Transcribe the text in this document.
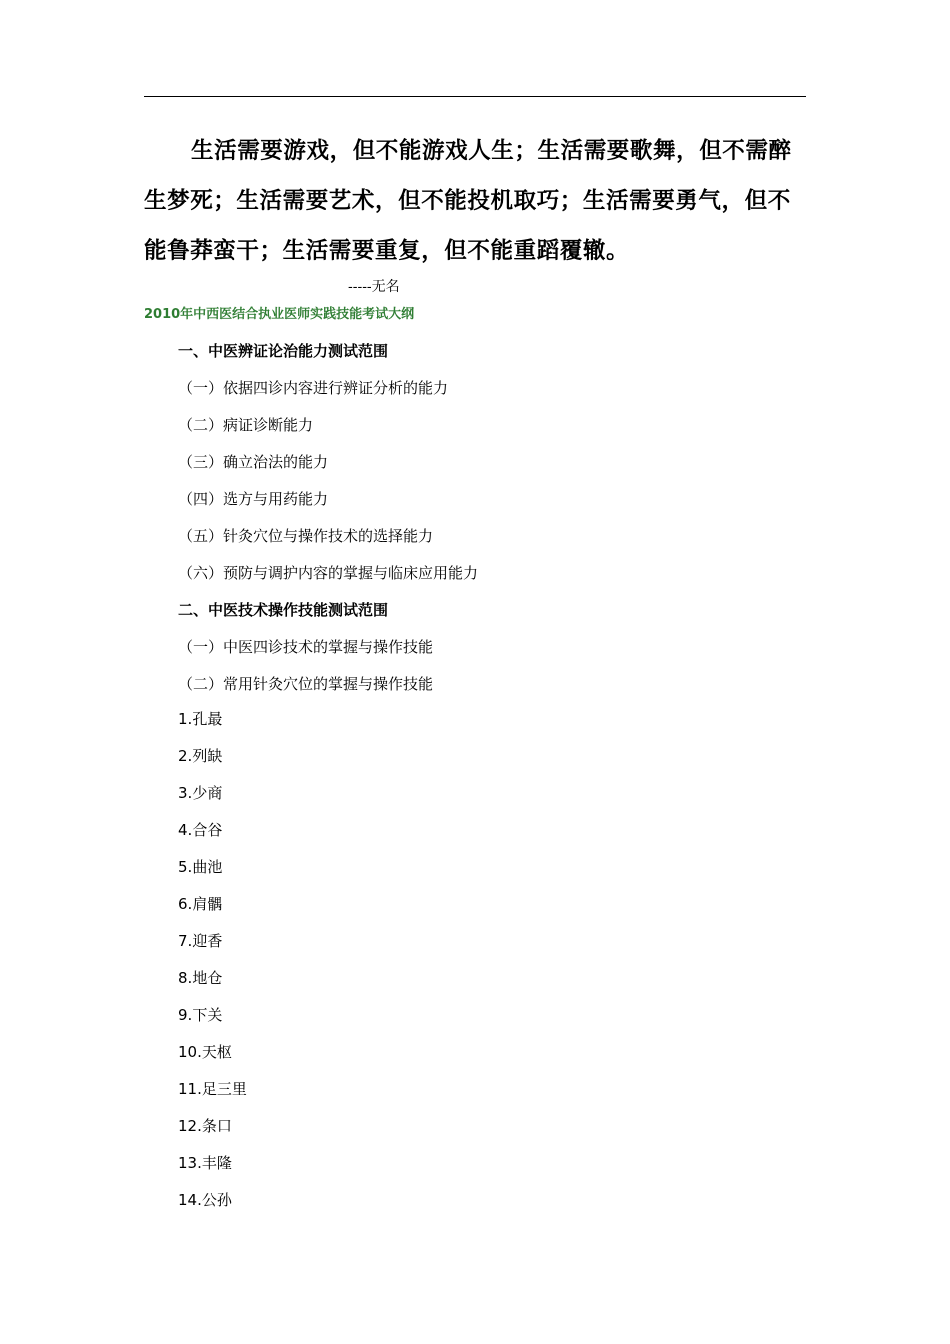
生活需要游戏，但不能游戏人生；生活需要歌舞，但不需醉生梦死；生活需要艺术，但不能投机取巧；生活需要勇气，但不能鲁莽蛮干；生活需要重复，但不能重蹈覆辙。

-----无名
2010年中西医结合执业医师实践技能考试大纲
一、中医辨证论治能力测试范围
（一）依据四诊内容进行辨证分析的能力
（二）病证诊断能力
（三）确立治法的能力
（四）选方与用药能力
（五）针灸穴位与操作技术的选择能力
（六）预防与调护内容的掌握与临床应用能力
二、中医技术操作技能测试范围
（一）中医四诊技术的掌握与操作技能
（二）常用针灸穴位的掌握与操作技能
1.孔最
2.列缺
3.少商
4.合谷
5.曲池
6.肩髃
7.迎香
8.地仓
9.下关
10.天枢
11.足三里
12.条口
13.丰隆
14.公孙
